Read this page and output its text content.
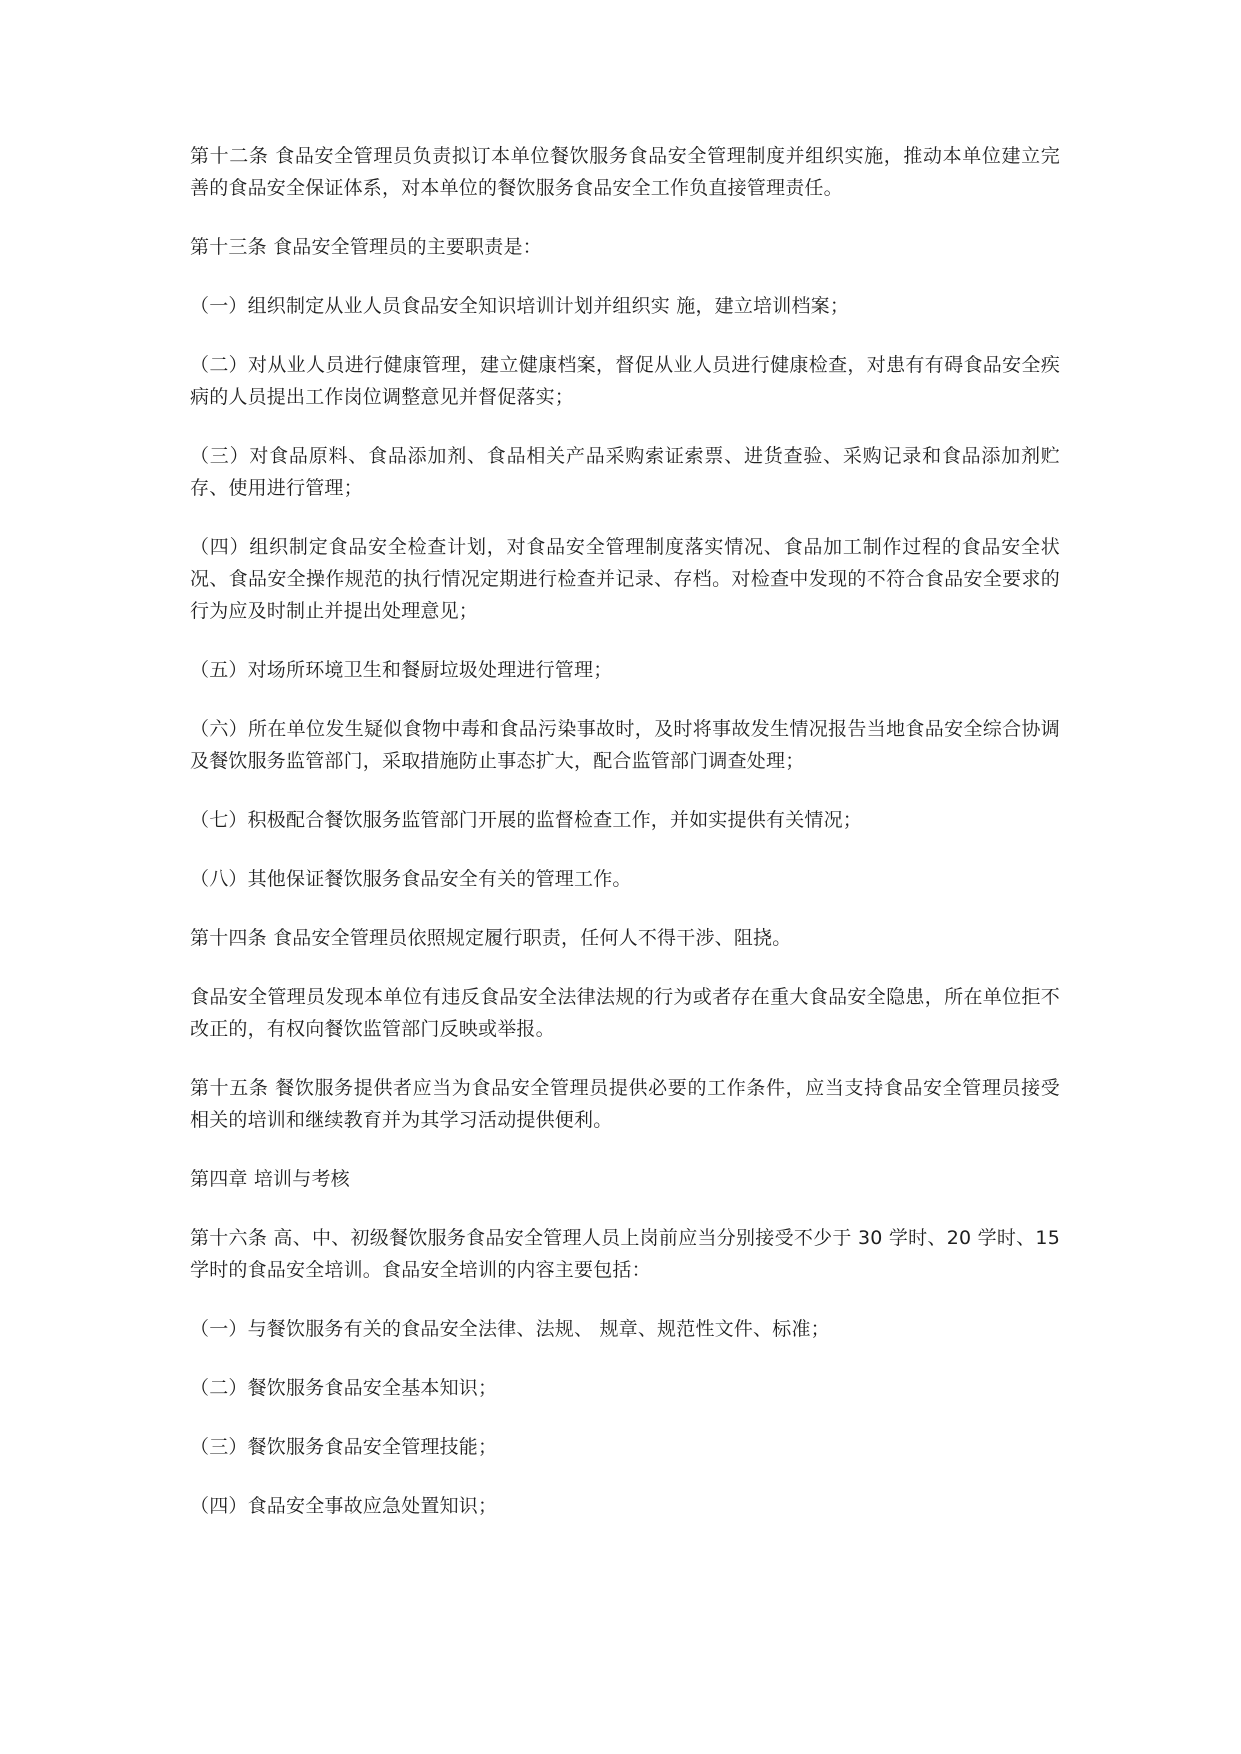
第十二条 食品安全管理员负责拟订本单位餐饮服务食品安全管理制度并组织实施，推动本单位建立完善的食品安全保证体系，对本单位的餐饮服务食品安全工作负直接管理责任。

第十三条 食品安全管理员的主要职责是：

（一）组织制定从业人员食品安全知识培训计划并组织实 施，建立培训档案；

（二）对从业人员进行健康管理，建立健康档案，督促从业人员进行健康检查，对患有有碍食品安全疾病的人员提出工作岗位调整意见并督促落实；

（三）对食品原料、食品添加剂、食品相关产品采购索证索票、进货查验、采购记录和食品添加剂贮存、使用进行管理；

（四）组织制定食品安全检查计划，对食品安全管理制度落实情况、食品加工制作过程的食品安全状况、食品安全操作规范的执行情况定期进行检查并记录、存档。对检查中发现的不符合食品安全要求的行为应及时制止并提出处理意见；

（五）对场所环境卫生和餐厨垃圾处理进行管理；

（六）所在单位发生疑似食物中毒和食品污染事故时，及时将事故发生情况报告当地食品安全综合协调及餐饮服务监管部门，采取措施防止事态扩大，配合监管部门调查处理；

（七）积极配合餐饮服务监管部门开展的监督检查工作，并如实提供有关情况；

（八）其他保证餐饮服务食品安全有关的管理工作。

第十四条 食品安全管理员依照规定履行职责，任何人不得干涉、阻挠。

食品安全管理员发现本单位有违反食品安全法律法规的行为或者存在重大食品安全隐患，所在单位拒不改正的，有权向餐饮监管部门反映或举报。

第十五条 餐饮服务提供者应当为食品安全管理员提供必要的工作条件，应当支持食品安全管理员接受相关的培训和继续教育并为其学习活动提供便利。

第四章 培训与考核

第十六条 高、中、初级餐饮服务食品安全管理人员上岗前应当分别接受不少于 30 学时、20 学时、15 学时的食品安全培训。食品安全培训的内容主要包括：

（一）与餐饮服务有关的食品安全法律、法规、 规章、规范性文件、标准；

（二）餐饮服务食品安全基本知识；

（三）餐饮服务食品安全管理技能；

（四）食品安全事故应急处置知识；
